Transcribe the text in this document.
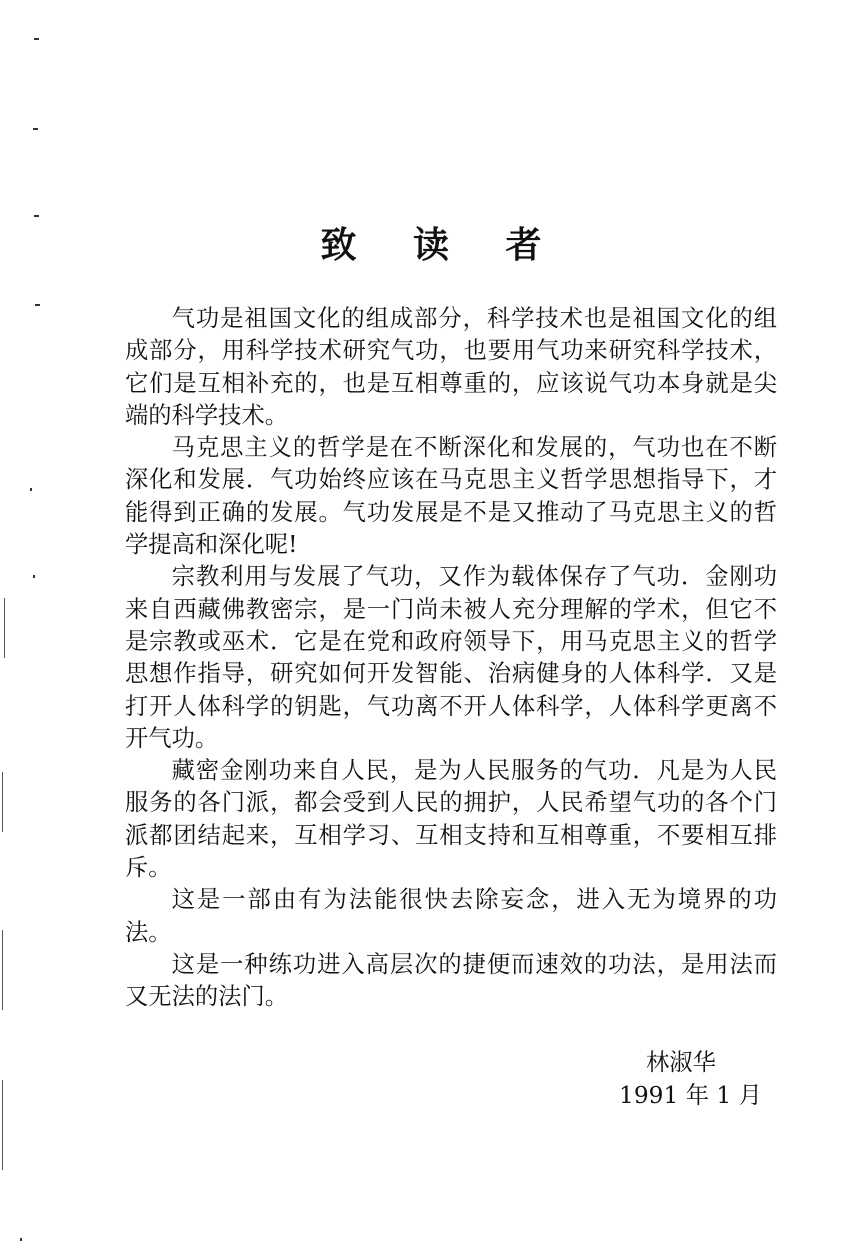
致 读 者

气功是祖国文化的组成部分，科学技术也是祖国文化的组成部分，用科学技术研究气功，也要用气功来研究科学技术，它们是互相补充的，也是互相尊重的，应该说气功本身就是尖端的科学技术。

马克思主义的哲学是在不断深化和发展的，气功也在不断深化和发展．气功始终应该在马克思主义哲学思想指导下，才能得到正确的发展。气功发展是不是又推动了马克思主义的哲学提高和深化呢!

宗教利用与发展了气功，又作为载体保存了气功．金刚功来自西藏佛教密宗，是一门尚未被人充分理解的学术，但它不是宗教或巫术．它是在党和政府领导下，用马克思主义的哲学思想作指导，研究如何开发智能、治病健身的人体科学．又是打开人体科学的钥匙，气功离不开人体科学，人体科学更离不开气功。

藏密金刚功来自人民，是为人民服务的气功．凡是为人民服务的各门派，都会受到人民的拥护，人民希望气功的各个门派都团结起来，互相学习、互相支持和互相尊重，不要相互排斥。

这是一部由有为法能很快去除妄念，进入无为境界的功法。

这是一种练功进入高层次的捷便而速效的功法，是用法而又无法的法门。

林淑华
1991 年 1 月
